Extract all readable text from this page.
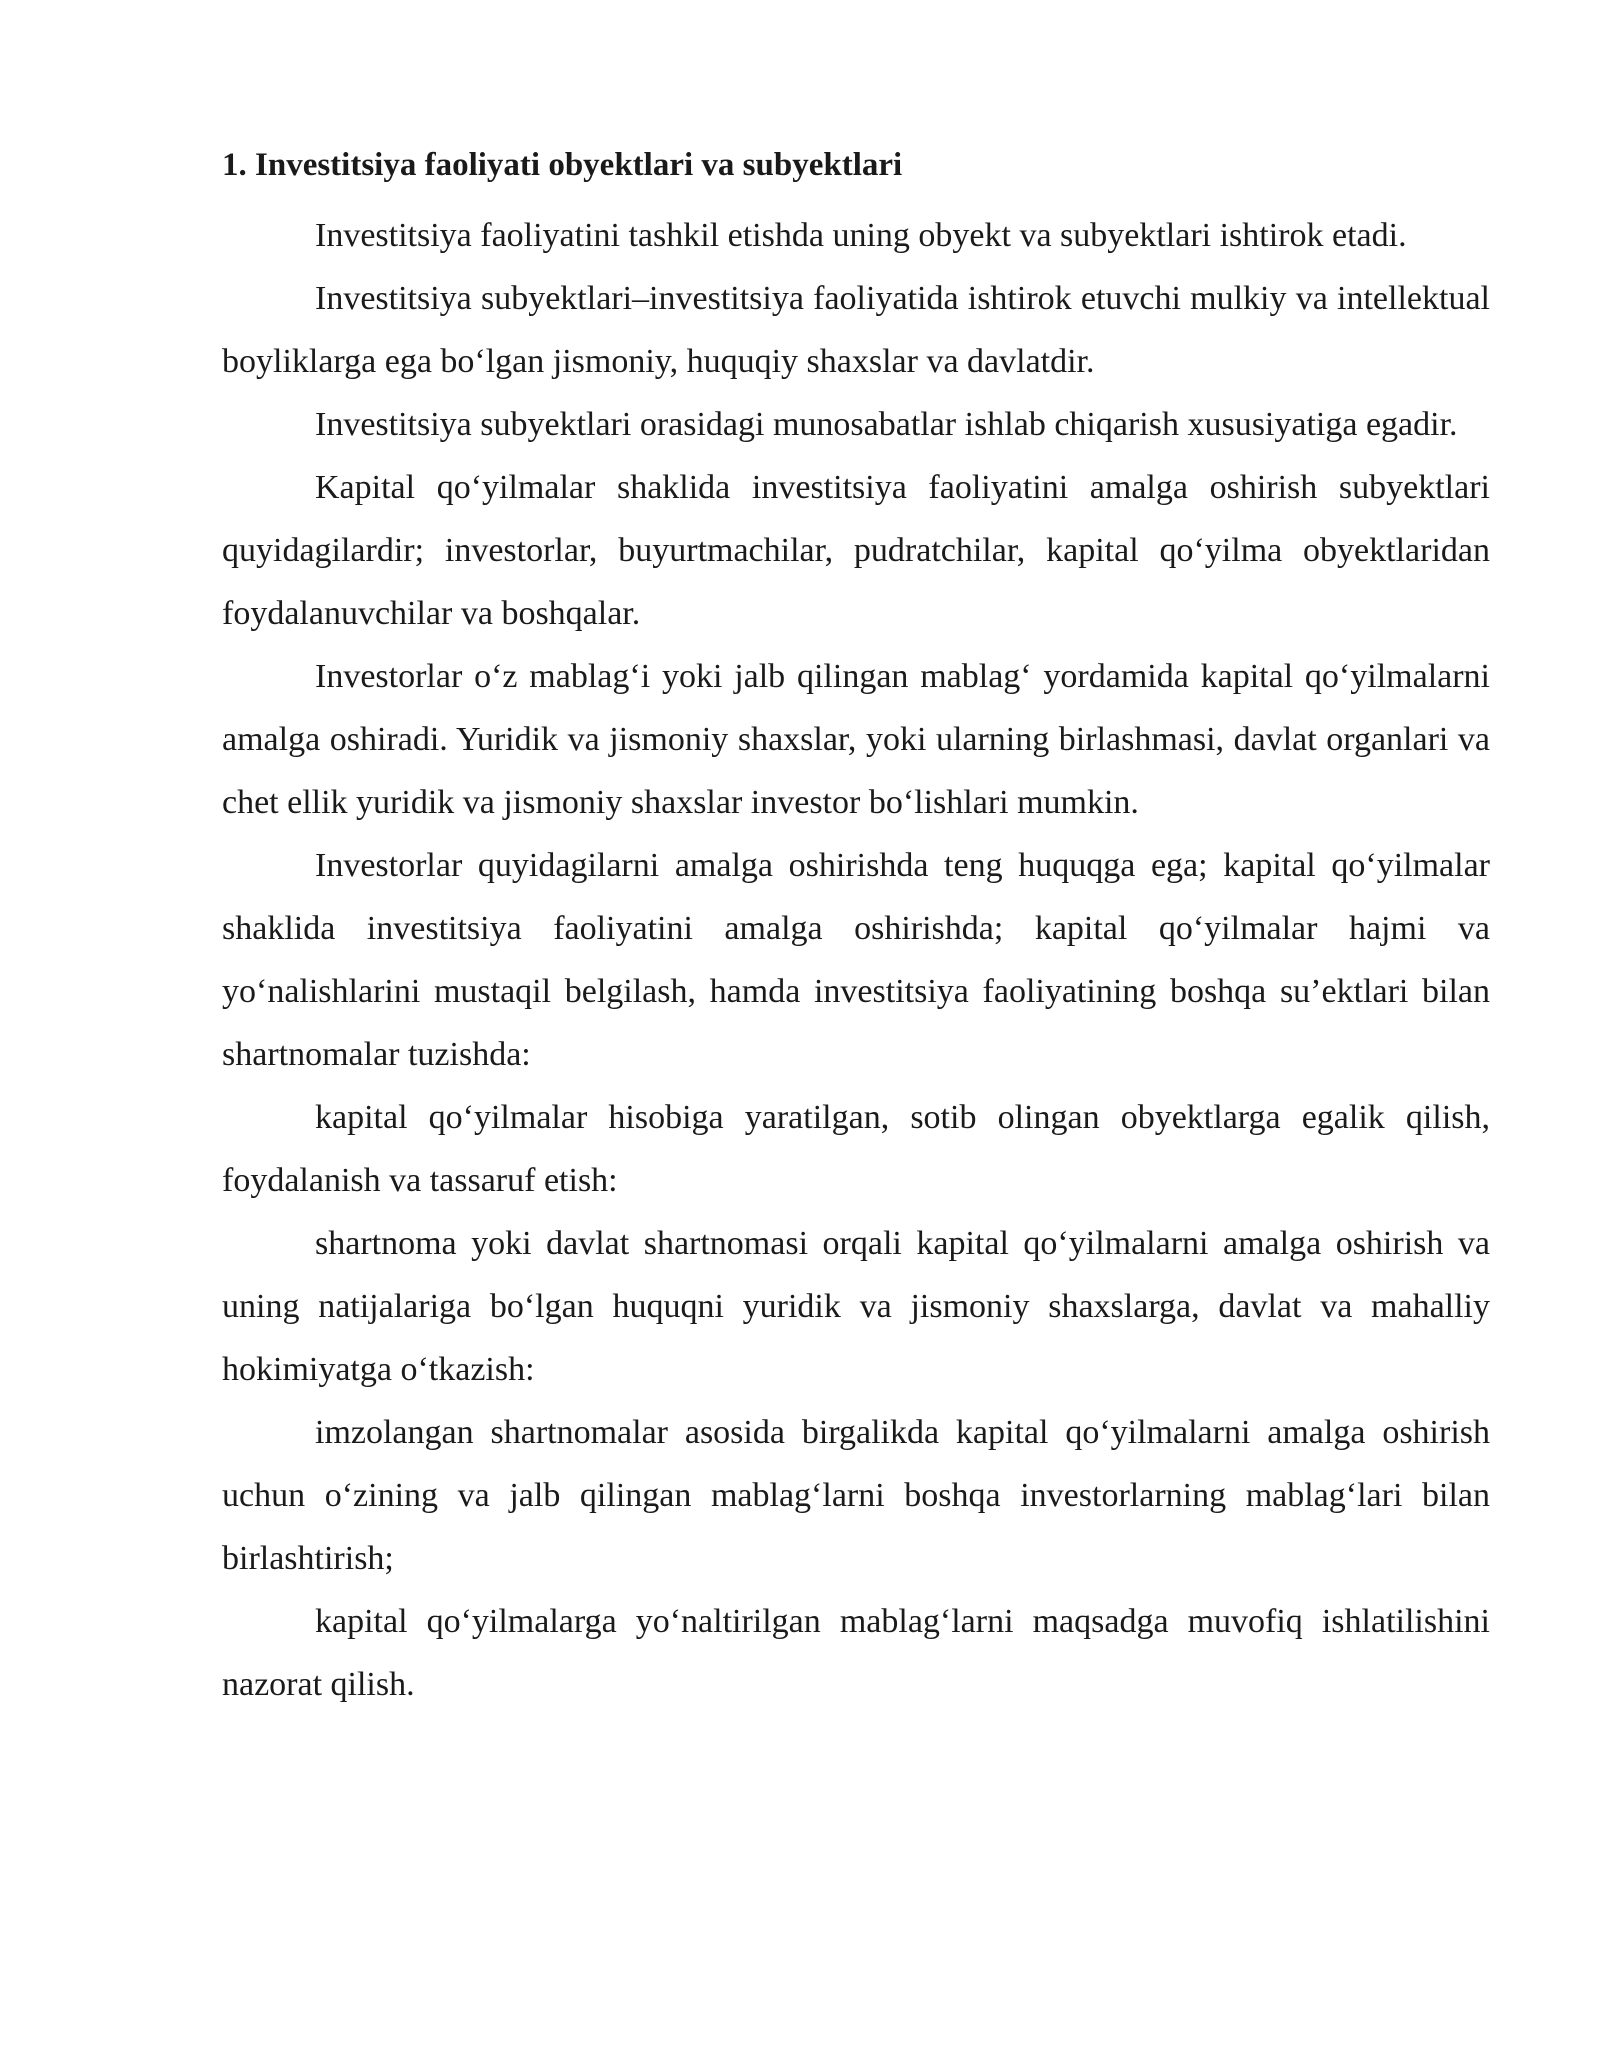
1. Investitsiya faoliyati obyektlari va subyektlari

Investitsiya faoliyatini tashkil etishda uning obyekt va subyektlari ishtirok etadi.

Investitsiya subyektlari–investitsiya faoliyatida ishtirok etuvchi mulkiy va intellektual boyliklarga ega bo‘lgan jismoniy, huquqiy shaxslar va davlatdir.

Investitsiya subyektlari orasidagi munosabatlar ishlab chiqarish xususiyatiga egadir.

Kapital qo‘yilmalar shaklida investitsiya faoliyatini amalga oshirish subyektlari quyidagilardir; investorlar, buyurtmachilar, pudratchilar, kapital qo‘yilma obyektlaridan foydalanuvchilar va boshqalar.

Investorlar o‘z mablag‘i yoki jalb qilingan mablag‘ yordamida kapital qo‘yilmalarni amalga oshiradi. Yuridik va jismoniy shaxslar, yoki ularning birlashmasi, davlat organlari va chet ellik yuridik va jismoniy shaxslar investor bo‘lishlari mumkin.

Investorlar quyidagilarni amalga oshirishda teng huquqga ega; kapital qo‘yilmalar shaklida investitsiya faoliyatini amalga oshirishda; kapital qo‘yilmalar hajmi va yo‘nalishlarini mustaqil belgilash, hamda investitsiya faoliyatining boshqa su’ektlari bilan shartnomalar tuzishda:

kapital qo‘yilmalar hisobiga yaratilgan, sotib olingan obyektlarga egalik qilish, foydalanish va tassaruf etish:

shartnoma yoki davlat shartnomasi orqali kapital qo‘yilmalarni amalga oshirish va uning natijalariga bo‘lgan huquqni yuridik va jismoniy shaxslarga, davlat va mahalliy hokimiyatga o‘tkazish:

imzolangan shartnomalar asosida birgalikda kapital qo‘yilmalarni amalga oshirish uchun o‘zining va jalb qilingan mablag‘larni boshqa investorlarning mablag‘lari bilan birlashtirish;

kapital qo‘yilmalarga yo‘naltirilgan mablag‘larni maqsadga muvofiq ishlatilishini nazorat qilish.
